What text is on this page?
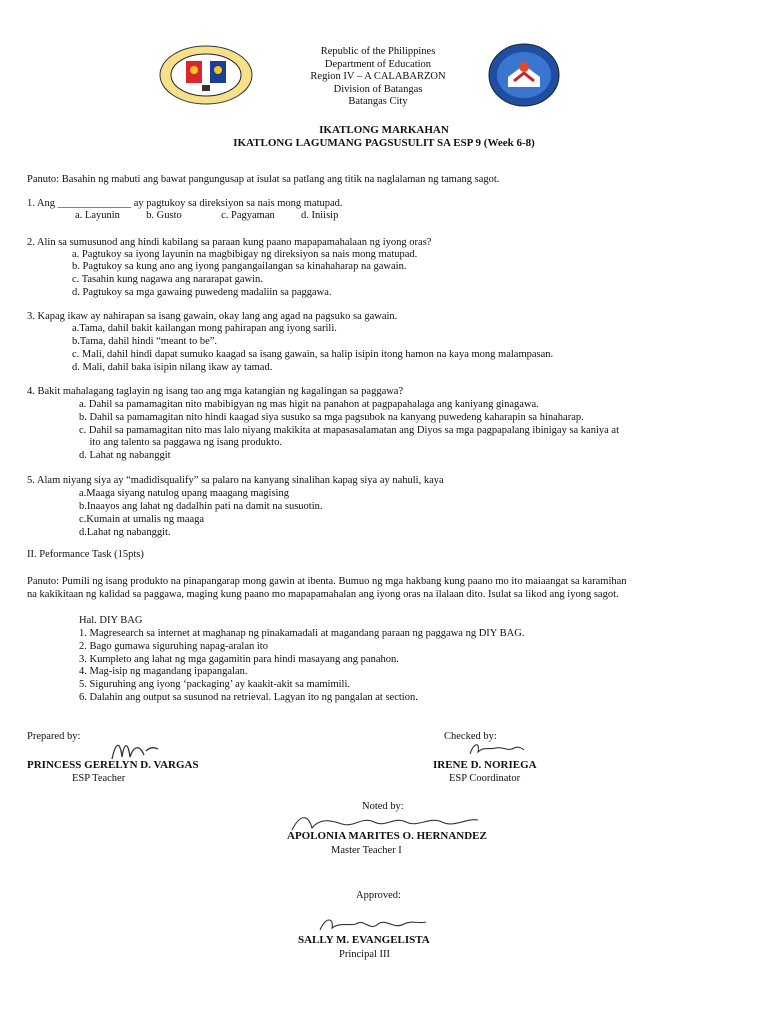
Republic of the Philippines
Department of Education
Region IV – A CALABARZON
Division of Batangas
Batangas City
IKATLONG MARKAHAN
IKATLONG LAGUMANG PAGSUSULIT SA ESP 9 (Week 6-8)
Panuto: Basahin ng mabuti ang bawat pangungusap at isulat sa patlang ang titik na naglalaman ng tamang sagot.
1. Ang ______________ ay pagtukoy sa direksiyon sa nais mong matupad.
a. Layunin          b. Gusto               c. Pagyaman          d. Iniisip
2. Alin sa sumusunod ang hindi kabilang sa paraan kung paano mapapamahalaan ng iyong oras?
a. Pagtukoy sa iyong layunin na magbibigay ng direksiyon sa nais mong matupad.
b. Pagtukoy sa kung ano ang iyong pangangailangan sa kinahaharap na gawain.
c. Tasahin kung nagawa ang nararapat gawin.
d. Pagtukoy sa mga gawaing puwedeng madaliin sa paggawa.
3. Kapag ikaw ay nahirapan sa isang gawain, okay lang ang agad na pagsuko sa gawain.
a.Tama, dahil bakit kailangan mong pahirapan ang iyong sarili.
b.Tama, dahil hindi “meant to be”.
c. Mali, dahil hindi dapat sumuko kaagad sa isang gawain, sa halip isipin itong hamon na kaya mong malampasan.
d. Mali, dahil baka isipin nilang ikaw ay tamad.
4. Bakit mahalagang taglayin ng isang tao ang mga katangian ng kagalingan sa paggawa?
a. Dahil sa pamamagitan nito mabibigyan ng mas higit na panahon at pagpapahalaga ang kaniyang ginagawa.
b. Dahil sa pamamagitan nito hindi kaagad siya susuko sa mga pagsubok na kanyang puwedeng kaharapin sa hinaharap.
c. Dahil sa pamamagitan nito mas lalo niyang makikita at mapasasalamatan ang Diyos sa mga pagpapalang ibinigay sa kaniya at
ito ang talento sa paggawa ng isang produkto.
d. Lahat ng nabanggit
5. Alam niyang siya ay “madidisqualify” sa palaro na kanyang sinalihan kapag siya ay nahuli, kaya
a.Maaga siyang natulog upang maagang magising
b.Inaayos ang lahat ng dadalhin pati na damit na susuotin.
c.Kumain at umalis ng maaga
d.Lahat ng nabanggit.
II. Peformance Task (15pts)
Panuto: Pumili ng isang produkto na pinapangarap mong gawin at ibenta. Bumuo ng mga hakbang kung paano mo ito maiaangat sa karamihan
na kakikitaan ng kalidad sa paggawa, maging kung paano mo mapapamahalan ang iyong oras na ilalaan dito. Isulat sa likod ang iyong sagot.
Hal. DIY BAG
1. Magresearch sa internet at maghanap ng pinakamadali at magandang paraan ng paggawa ng DIY BAG.
2. Bago gumawa siguruhing napag-aralan ito
3. Kumpleto ang lahat ng mga gagamitin para hindi masayang ang panahon.
4. Mag-isip ng magandang ipapangalan.
5. Siguruhing ang iyong ‘packaging’ ay kaakit-akit sa mamimili.
6. Dalahin ang output sa susunod na retrieval. Lagyan ito ng pangalan at section.
Prepared by:
PRINCESS GERELYN D. VARGAS
ESP Teacher
Checked by:
IRENE D. NORIEGA
ESP Coordinator
Noted by:
APOLONIA MARITES O. HERNANDEZ
Master Teacher I
Approved:
SALLY M. EVANGELISTA
Principal III
